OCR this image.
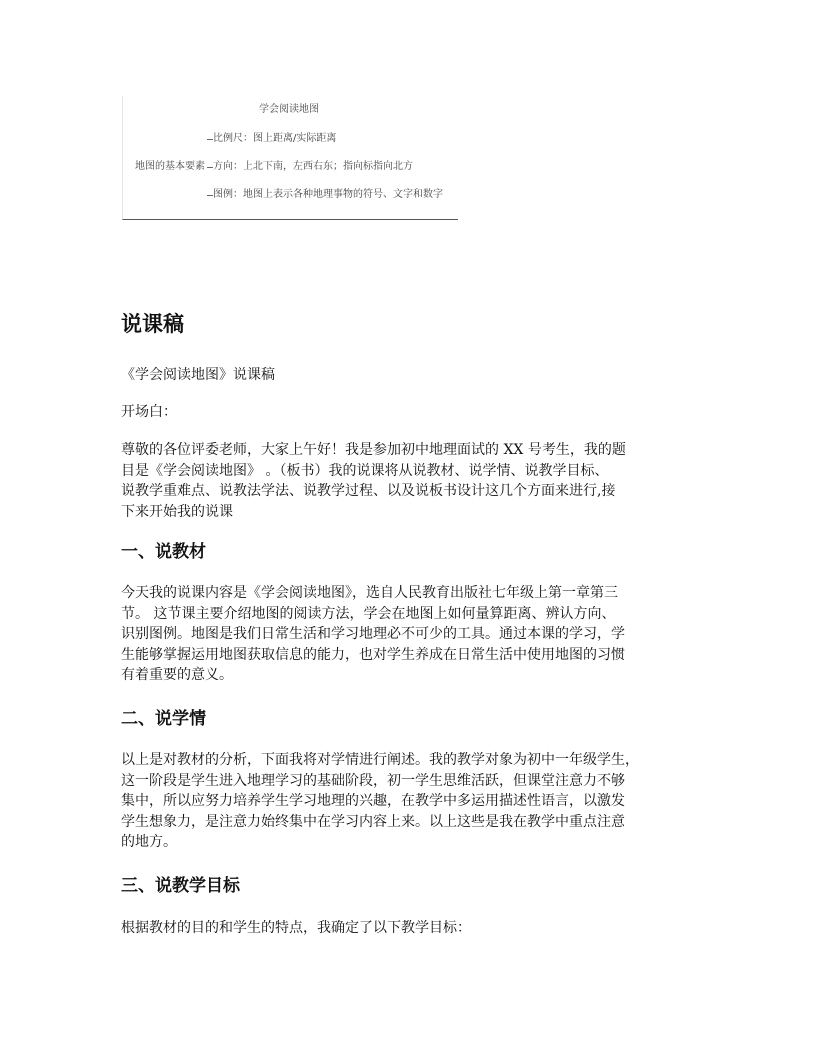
学会阅读地图
地图的基本要素
比例尺：图上距离/实际距离
方向：上北下南，左西右东；指向标指向北方
图例：地图上表示各种地理事物的符号、文字和数字
说课稿

《学会阅读地图》说课稿

开场白：

尊敬的各位评委老师，大家上午好！我是参加初中地理面试的 XX 号考生，我的题
目是《学会阅读地图》 。（板书）我的说课将从说教材、说学情、说教学目标、
说教学重难点、说教法学法、说教学过程、以及说板书设计这几个方面来进行,接
下来开始我的说课

一、说教材

今天我的说课内容是《学会阅读地图》，选自人民教育出版社七年级上第一章第三
节。 这节课主要介绍地图的阅读方法，学会在地图上如何量算距离、辨认方向、
识别图例。地图是我们日常生活和学习地理必不可少的工具。通过本课的学习，学
生能够掌握运用地图获取信息的能力，也对学生养成在日常生活中使用地图的习惯
有着重要的意义。

二、说学情

以上是对教材的分析，下面我将对学情进行阐述。我的教学对象为初中一年级学生，
这一阶段是学生进入地理学习的基础阶段，初一学生思维活跃，但课堂注意力不够
集中，所以应努力培养学生学习地理的兴趣，在教学中多运用描述性语言，以激发
学生想象力，是注意力始终集中在学习内容上来。以上这些是我在教学中重点注意
的地方。

三、说教学目标

根据教材的目的和学生的特点，我确定了以下教学目标：
